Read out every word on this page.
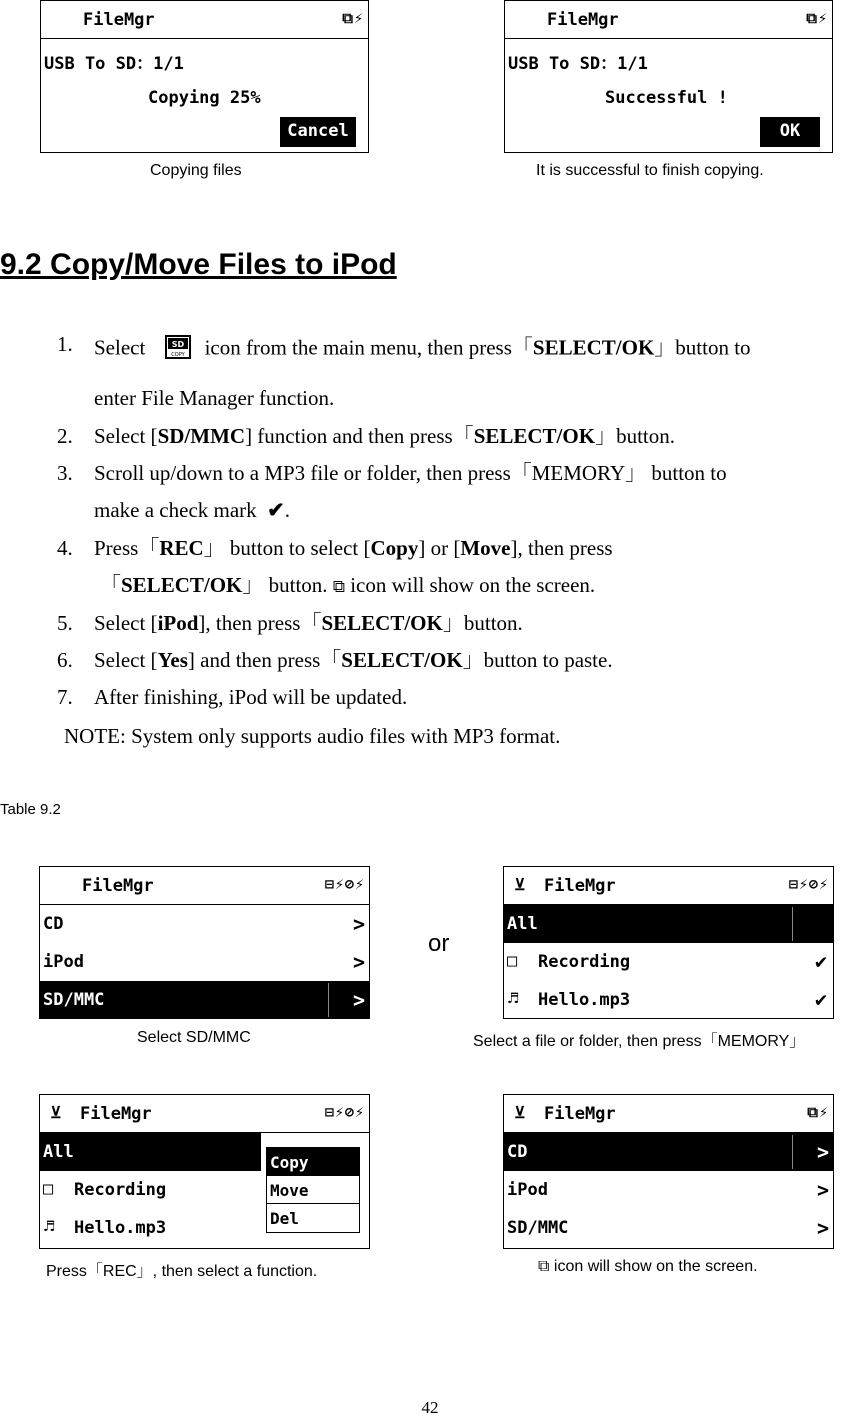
FileMgr	⧉⚡
USB To SD：1/1
Copying 25%
Cancel
Copying files
FileMgr	⧉⚡
USB To SD：1/1
Successful !
OK
It is successful to finish copying.
9.2 Copy/Move Files to iPod
1. Select	SD
COPY icon from the main menu, then press「SELECT/OK」button to
enter File Manager function.
2. Select [SD/MMC] function and then press「SELECT/OK」button.
3. Scroll up/down to a MP3 file or folder, then press「MEMORY」 button to
make a check mark ✔.
4. Press「REC」 button to select [Copy] or [Move], then press
「SELECT/OK」 button. ⧉ icon will show on the screen.
5. Select [iPod], then press「SELECT/OK」button.
6. Select [Yes] and then press「SELECT/OK」button to paste.
7. After finishing, iPod will be updated.
NOTE: System only supports audio files with MP3 format.
Table 9.2
FileMgr	⊟⚡⊘⚡
CD	>
iPod	>
SD/MMC	>
Select SD/MMC
or
⊻ FileMgr	⊟⚡⊘⚡
All
□ Recording	✔
♬ Hello.mp3	✔
Select a file or folder, then press「MEMORY」
⊻ FileMgr	⊟⚡⊘⚡
All
□ Recording
♬ Hello.mp3
Copy
Move
Del
Press「REC」, then select a function.
⊻ FileMgr	⧉⚡
CD	>
iPod	>
SD/MMC	>
⧉ icon will show on the screen.
42
